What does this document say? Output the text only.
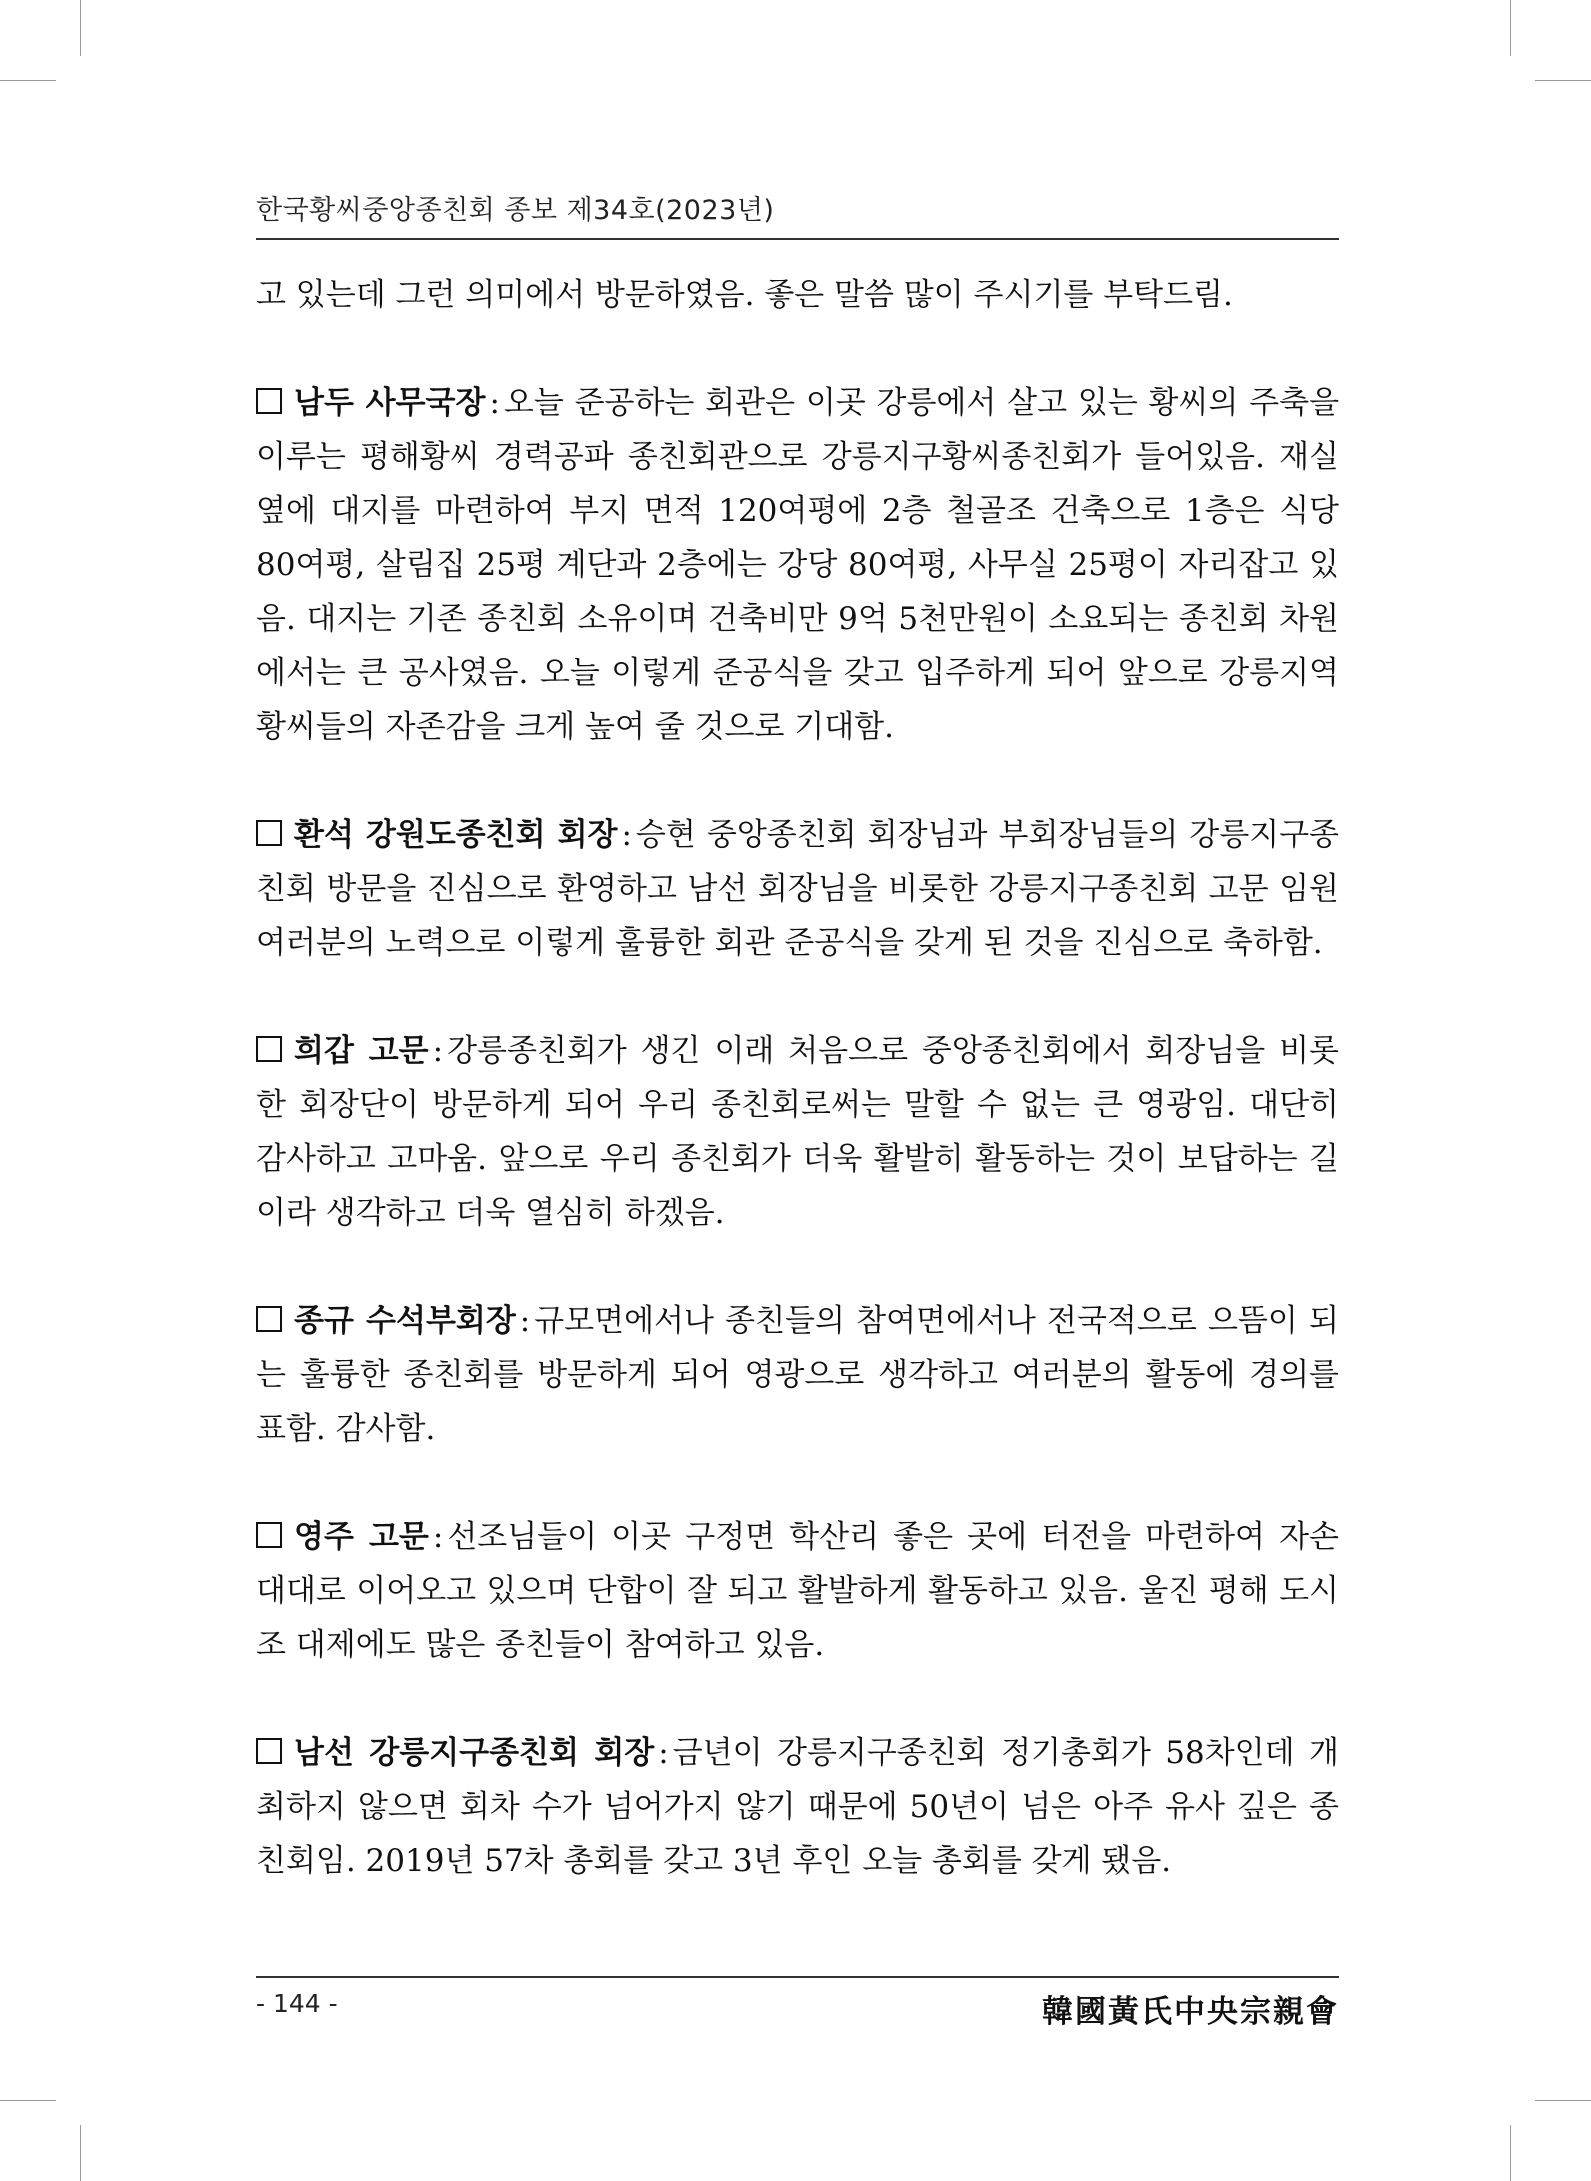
한국황씨중앙종친회 종보 제34호(2023년)

고 있는데 그런 의미에서 방문하였음. 좋은 말씀 많이 주시기를 부탁드림.

남두 사무국장 : 오늘 준공하는 회관은 이곳 강릉에서 살고 있는 황씨의 주축을 이루는 평해황씨 경력공파 종친회관으로 강릉지구황씨종친회가 들어있음. 재실 옆에 대지를 마련하여 부지 면적 120여평에 2층 철골조 건축으로 1층은 식당 80여평, 살림집 25평 계단과 2층에는 강당 80여평, 사무실 25평이 자리잡고 있음. 대지는 기존 종친회 소유이며 건축비만 9억 5천만원이 소요되는 종친회 차원에서는 큰 공사였음. 오늘 이렇게 준공식을 갖고 입주하게 되어 앞으로 강릉지역 황씨들의 자존감을 크게 높여 줄 것으로 기대함.

환석 강원도종친회 회장 : 승현 중앙종친회 회장님과 부회장님들의 강릉지구종친회 방문을 진심으로 환영하고 남선 회장님을 비롯한 강릉지구종친회 고문 임원 여러분의 노력으로 이렇게 훌륭한 회관 준공식을 갖게 된 것을 진심으로 축하함.

희갑 고문 : 강릉종친회가 생긴 이래 처음으로 중앙종친회에서 회장님을 비롯한 회장단이 방문하게 되어 우리 종친회로써는 말할 수 없는 큰 영광임. 대단히 감사하고 고마움. 앞으로 우리 종친회가 더욱 활발히 활동하는 것이 보답하는 길이라 생각하고 더욱 열심히 하겠음.

종규 수석부회장 : 규모면에서나 종친들의 참여면에서나 전국적으로 으뜸이 되는 훌륭한 종친회를 방문하게 되어 영광으로 생각하고 여러분의 활동에 경의를 표함. 감사함.

영주 고문 : 선조님들이 이곳 구정면 학산리 좋은 곳에 터전을 마련하여 자손 대대로 이어오고 있으며 단합이 잘 되고 활발하게 활동하고 있음. 울진 평해 도시조 대제에도 많은 종친들이 참여하고 있음.

남선 강릉지구종친회 회장 : 금년이 강릉지구종친회 정기총회가 58차인데 개최하지 않으면 회차 수가 넘어가지 않기 때문에 50년이 넘은 아주 유사 깊은 종친회임. 2019년 57차 총회를 갖고 3년 후인 오늘 총회를 갖게 됐음.

- 144 -	韓國黃氏中央宗親會
